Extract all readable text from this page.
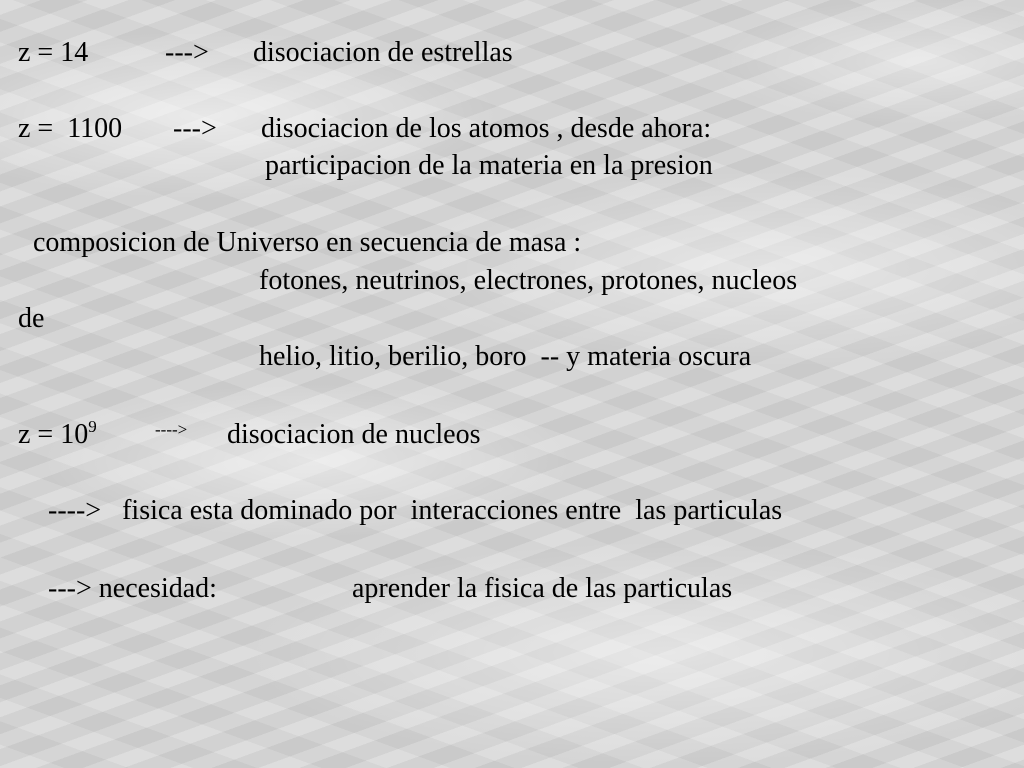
z = 14	---> disociacion de estrellas
z =  1100 ---> disociacion de los atomos , desde ahora:
participacion de la materia en la presion
composicion de Universo en secuencia de masa :
fotones, neutrinos, electrones, protones, nucleos
de
helio, litio, berilio, boro  -- y materia oscura
$z = 10^9$	----> disociacion de nucleos
---->   fisica esta dominado por  interacciones entre  las particulas
---> necesidad:	aprender la fisica de las particulas
